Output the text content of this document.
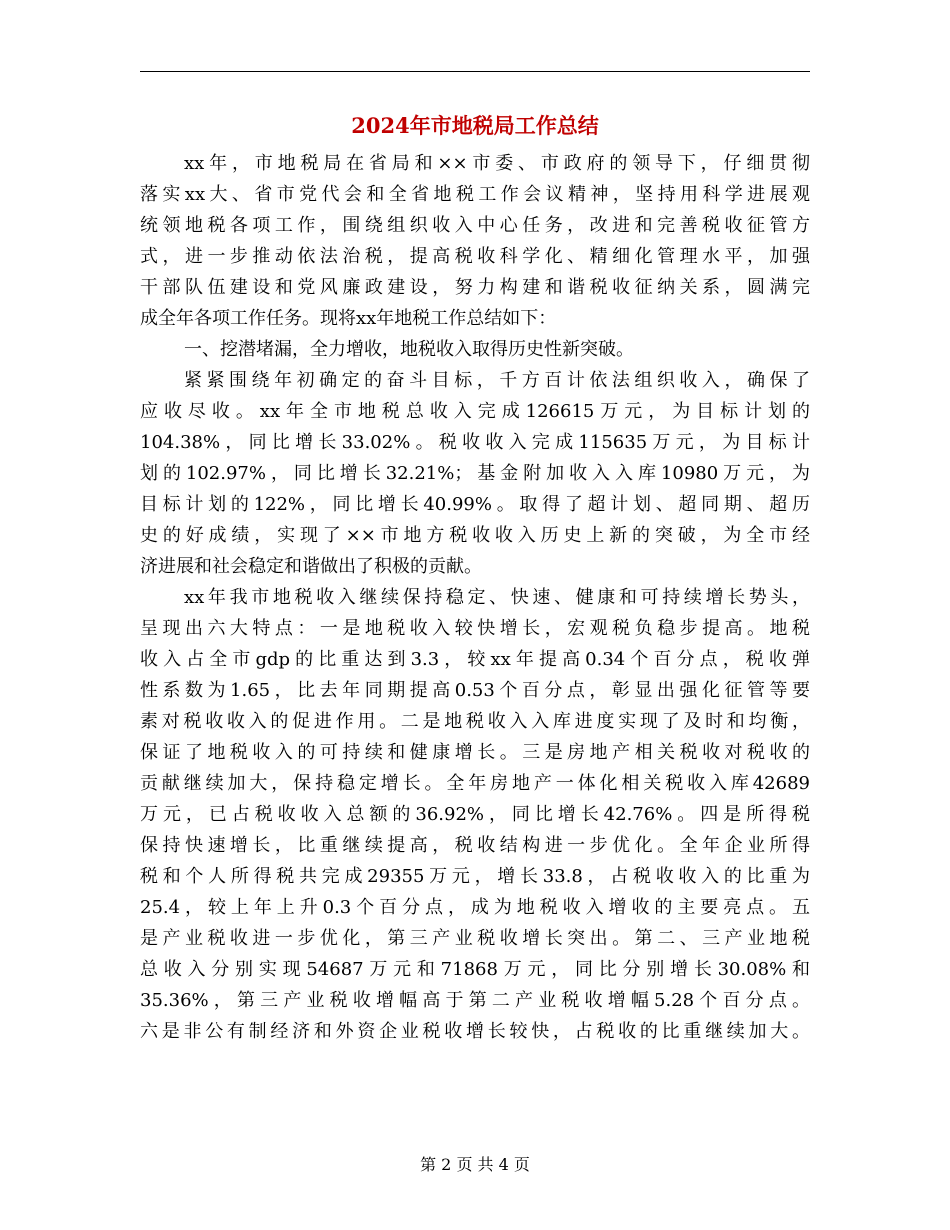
2024年市地税局工作总结
xx年，市地税局在省局和××市委、市政府的领导下，仔细贯彻
落实xx大、省市党代会和全省地税工作会议精神，坚持用科学进展观
统领地税各项工作，围绕组织收入中心任务，改进和完善税收征管方
式，进一步推动依法治税，提高税收科学化、精细化管理水平，加强
干部队伍建设和党风廉政建设，努力构建和谐税收征纳关系，圆满完
成全年各项工作任务。现将xx年地税工作总结如下：
一、挖潜堵漏，全力增收，地税收入取得历史性新突破。
紧紧围绕年初确定的奋斗目标，千方百计依法组织收入，确保了
应收尽收。xx年全市地税总收入完成126615万元，为目标计划的
104.38%，同比增长33.02%。税收收入完成115635万元，为目标计
划的102.97%，同比增长32.21%；基金附加收入入库10980万元，为
目标计划的122%，同比增长40.99%。取得了超计划、超同期、超历
史的好成绩，实现了××市地方税收收入历史上新的突破，为全市经
济进展和社会稳定和谐做出了积极的贡献。
xx年我市地税收入继续保持稳定、快速、健康和可持续增长势头，
呈现出六大特点：一是地税收入较快增长，宏观税负稳步提高。地税
收入占全市gdp的比重达到3.3，较xx年提高0.34个百分点，税收弹
性系数为1.65，比去年同期提高0.53个百分点，彰显出强化征管等要
素对税收收入的促进作用。二是地税收入入库进度实现了及时和均衡，
保证了地税收入的可持续和健康增长。三是房地产相关税收对税收的
贡献继续加大，保持稳定增长。全年房地产一体化相关税收入库42689
万元，已占税收收入总额的36.92%，同比增长42.76%。四是所得税
保持快速增长，比重继续提高，税收结构进一步优化。全年企业所得
税和个人所得税共完成29355万元，增长33.8，占税收收入的比重为
25.4，较上年上升0.3个百分点，成为地税收入增收的主要亮点。五
是产业税收进一步优化，第三产业税收增长突出。第二、三产业地税
总收入分别实现54687万元和71868万元，同比分别增长30.08%和
35.36%，第三产业税收增幅高于第二产业税收增幅5.28个百分点。
六是非公有制经济和外资企业税收增长较快，占税收的比重继续加大。
第 2 页 共 4 页
